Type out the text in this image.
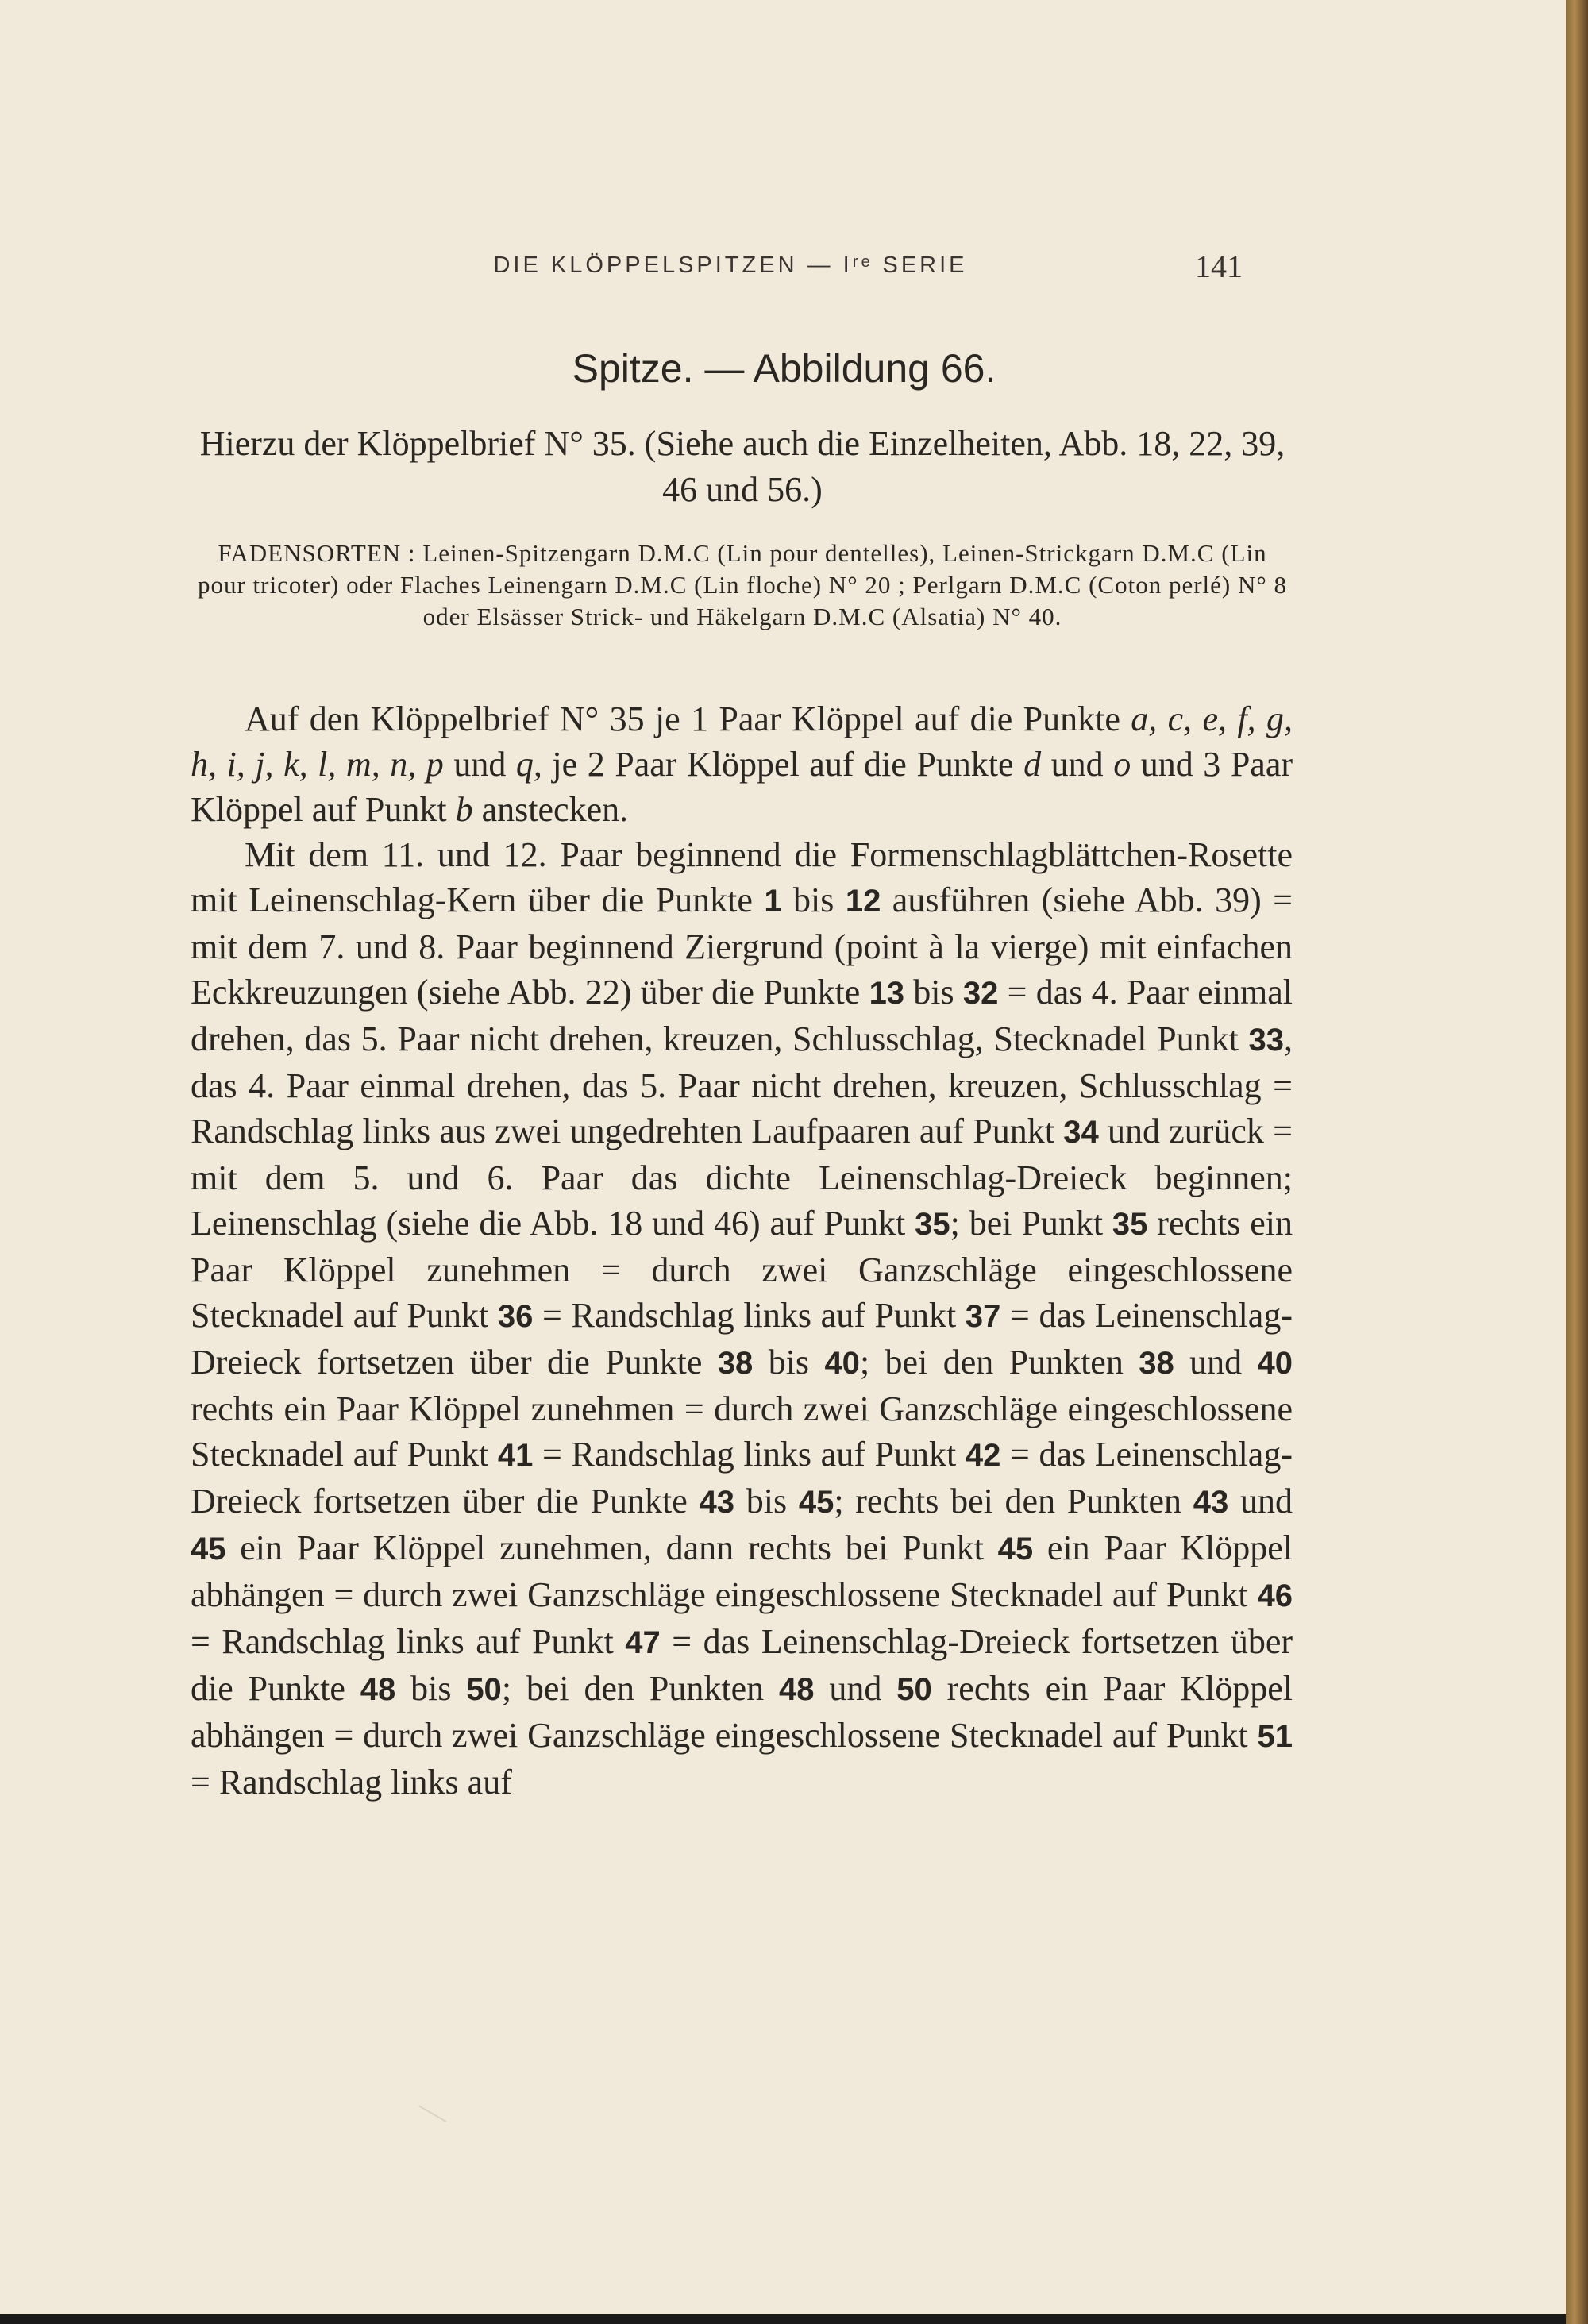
DIE KLÖPPELSPITZEN — Iʳᵉ SERIE	141
Spitze. — Abbildung 66.
Hierzu der Klöppelbrief N° 35. (Siehe auch die Einzelheiten, Abb. 18, 22, 39, 46 und 56.)
FADENSORTEN : Leinen-Spitzengarn D.M.C (Lin pour dentelles), Leinen-Strickgarn D.M.C (Lin pour tricoter) oder Flaches Leinengarn D.M.C (Lin floche) N° 20 ; Perlgarn D.M.C (Coton perlé) N° 8 oder Elsässer Strick- und Häkelgarn D.M.C (Alsatia) N° 40.

Auf den Klöppelbrief N° 35 je 1 Paar Klöppel auf die Punkte a, c, e, f, g, h, i, j, k, l, m, n, p und q, je 2 Paar Klöppel auf die Punkte d und o und 3 Paar Klöppel auf Punkt b anstecken.

Mit dem 11. und 12. Paar beginnend die Formenschlagblättchen-Rosette mit Leinenschlag-Kern über die Punkte 1 bis 12 ausführen (siehe Abb. 39) = mit dem 7. und 8. Paar beginnend Ziergrund (point à la vierge) mit einfachen Eckkreuzungen (siehe Abb. 22) über die Punkte 13 bis 32 = das 4. Paar einmal drehen, das 5. Paar nicht drehen, kreuzen, Schlusschlag, Stecknadel Punkt 33, das 4. Paar einmal drehen, das 5. Paar nicht drehen, kreuzen, Schlusschlag = Randschlag links aus zwei ungedrehten Laufpaaren auf Punkt 34 und zurück = mit dem 5. und 6. Paar das dichte Leinenschlag-Dreieck beginnen; Leinenschlag (siehe die Abb. 18 und 46) auf Punkt 35; bei Punkt 35 rechts ein Paar Klöppel zunehmen = durch zwei Ganzschläge eingeschlossene Stecknadel auf Punkt 36 = Randschlag links auf Punkt 37 = das Leinenschlag-Dreieck fortsetzen über die Punkte 38 bis 40; bei den Punkten 38 und 40 rechts ein Paar Klöppel zunehmen = durch zwei Ganzschläge eingeschlossene Stecknadel auf Punkt 41 = Randschlag links auf Punkt 42 = das Leinenschlag-Dreieck fortsetzen über die Punkte 43 bis 45; rechts bei den Punkten 43 und 45 ein Paar Klöppel zunehmen, dann rechts bei Punkt 45 ein Paar Klöppel abhängen = durch zwei Ganzschläge eingeschlossene Stecknadel auf Punkt 46 = Randschlag links auf Punkt 47 = das Leinenschlag-Dreieck fortsetzen über die Punkte 48 bis 50; bei den Punkten 48 und 50 rechts ein Paar Klöppel abhängen = durch zwei Ganzschläge eingeschlossene Stecknadel auf Punkt 51 = Randschlag links auf
